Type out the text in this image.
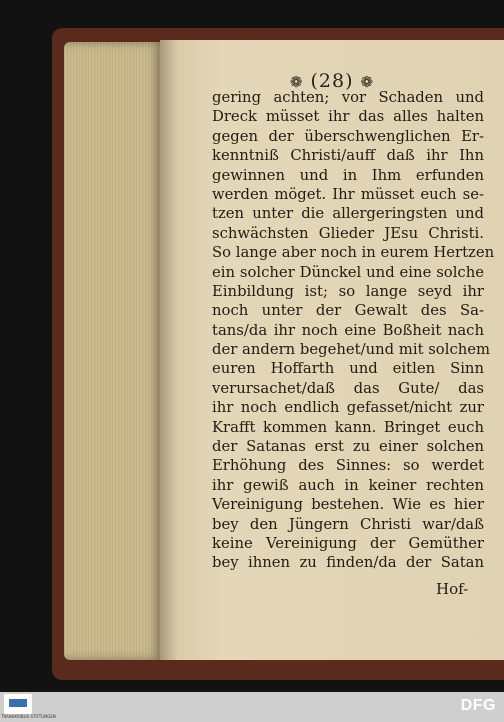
❁ (28) ❁
gering achten; vor Schaden und
Dreck müsset ihr das alles halten
gegen der überschwenglichen Er-
kenntniß Christi/auff daß ihr Ihn
gewinnen und in Ihm erfunden
werden möget. Ihr müsset euch se-
tzen unter die allergeringsten und
schwächsten Glieder JEsu Christi.
So lange aber noch in eurem Hertzen
ein solcher Dünckel und eine solche
Einbildung ist; so lange seyd ihr
noch unter der Gewalt des Sa-
tans/da ihr noch eine Boßheit nach
der andern begehet/und mit solchem
euren Hoffarth und eitlen Sinn
verursachet/daß das Gute/ das
ihr noch endlich gefasset/nicht zur
Krafft kommen kann. Bringet euch
der Satanas erst zu einer solchen
Erhöhung des Sinnes: so werdet
ihr gewiß auch in keiner rechten
Vereinigung bestehen. Wie es hier
bey den Jüngern Christi war/daß
keine Vereinigung der Gemüther
bey ihnen zu finden/da der Satan
Hof-
TRANSKRIBUS STIFTUNGEN
DFG
